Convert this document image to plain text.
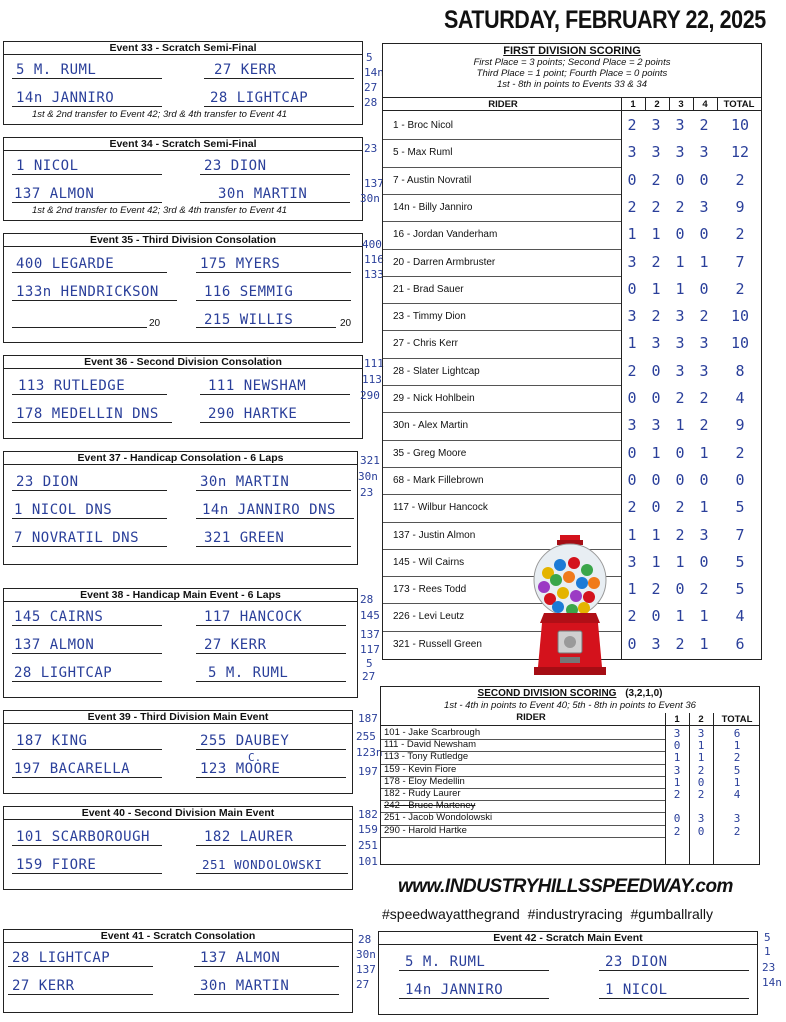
SATURDAY, FEBRUARY 22, 2025
Event 33 - Scratch Semi-Final
5 M. RUML	27 KERR
14n JANNIRO	28 LIGHTCAP
1st & 2nd transfer to Event 42; 3rd & 4th transfer to Event 41
5
14n
27
28
Event 34 - Scratch Semi-Final
1 NICOL	23 DION
137 ALMON	30n MARTIN
1st & 2nd transfer to Event 42; 3rd & 4th transfer to Event 41
23
137
30n
Event 35 - Third Division Consolation
400 LEGARDE	175 MYERS
133n HENDRICKSON	116 SEMMIG
20	215 WILLIS	20
400
116
133
Event 36 - Second Division Consolation
113 RUTLEDGE	111 NEWSHAM
178 MEDELLIN DNS	290 HARTKE
111
113
290
Event 37 - Handicap Consolation - 6 Laps
23 DION	30n MARTIN
1 NICOL DNS	14n JANNIRO DNS
7 NOVRATIL DNS	321 GREEN
321
30n
23
Event 38 - Handicap Main Event - 6 Laps
145 CAIRNS	117 HANCOCK
137 ALMON	27 KERR
28 LIGHTCAP	5 M. RUML
28
145
137
117
5
27
Event 39 - Third Division Main Event
187 KING	255 DAUBEY
C.
197 BACARELLA	123 MOORE
187
255
123n
197
Event 40 - Second Division Main Event
101 SCARBOROUGH	182 LAURER
159 FIORE	251 WONDOLOWSKI
182
159
251
101
Event 41 - Scratch Consolation
28 LIGHTCAP	137 ALMON
27 KERR	30n MARTIN
28
30n
137
27
Event 42 - Scratch Main Event
5 M. RUML	23 DION
14n JANNIRO	1 NICOL
5
1
23
14n
FIRST DIVISION SCORING
First Place = 3 points; Second Place = 2 points
Third Place = 1 point; Fourth Place = 0 points
1st - 8th in points to Events 33 & 34
RIDER	1	2	3	4	TOTAL
1 - Broc Nicol	2 3 3 2	10
5 - Max Ruml	3 3 3 3	12
7 - Austin Novratil	0 2 0 0	2
14n - Billy Janniro	2 2 2 3	9
16 - Jordan Vanderham	1 1 0 0	2
20 - Darren Armbruster	3 2 1 1	7
21 - Brad Sauer	0 1 1 0	2
23 - Timmy Dion	3 2 3 2	10
27 - Chris Kerr	1 3 3 3	10
28 - Slater Lightcap	2 0 3 3	8
29 - Nick Hohlbein	0 0 2 2	4
30n - Alex Martin	3 3 1 2	9
35 - Greg Moore	0 1 0 1	2
68 - Mark Fillebrown	0 0 0 0	0
117 - Wilbur Hancock	2 0 2 1	5
137 - Justin Almon	1 1 2 3	7
145 - Wil Cairns	3 1 1 0	5
173 - Rees Todd	1 2 0 2	5
226 - Levi Leutz	2 0 1 1	4
321 - Russell Green	0 3 2 1	6
SECOND DIVISION SCORING (3,2,1,0)
1st - 4th in points to Event 40; 5th - 8th in points to Event 36
RIDER	1	2	TOTAL
101 - Jake Scarbrough	3	3	6
111 - David Newsham	0	1	1
113 - Tony Rutledge	1	1	2
159 - Kevin Fiore	3	2	5
178 - Eloy Medellin	1	0	1
182 - Rudy Laurer	2	2	4
242 - Bruce Marteney
251 - Jacob Wondolowski	0	3	3
290 - Harold Hartke	2	0	2
www.INDUSTRYHILLSSPEEDWAY.com
#speedwayatthegrand #industryracing #gumballrally
